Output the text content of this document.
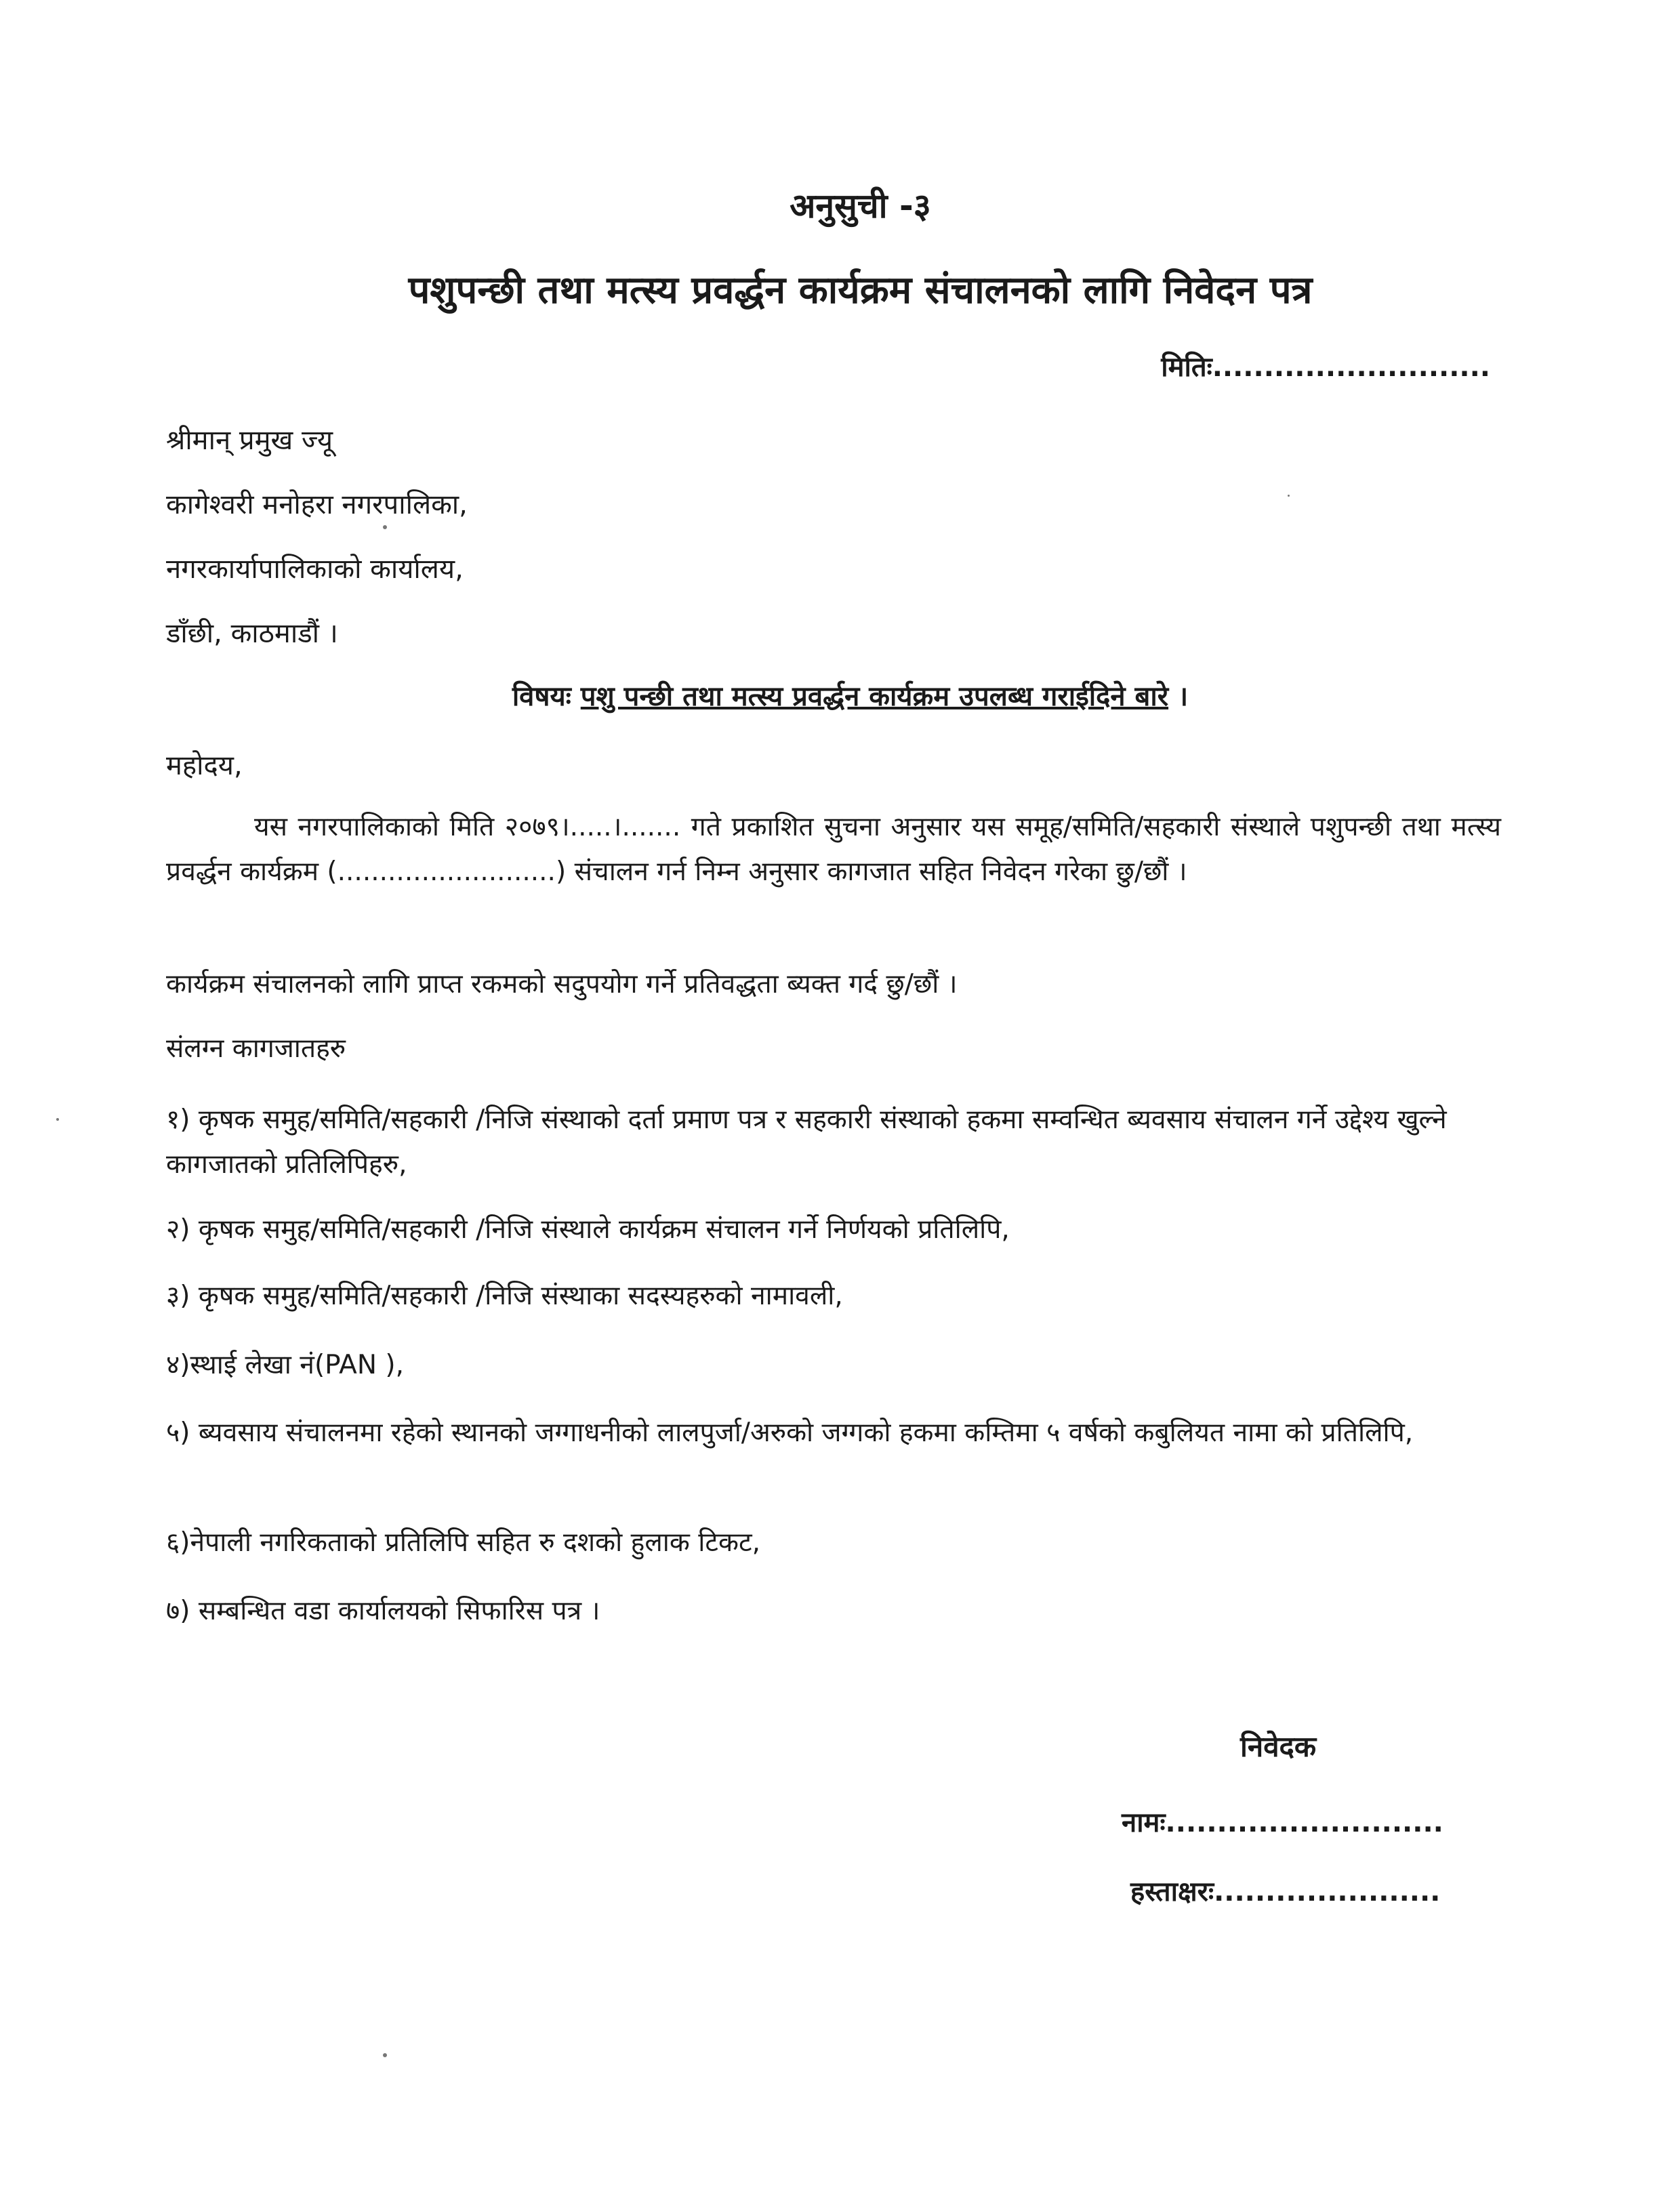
अनुसुची -३
पशुपन्छी तथा मत्स्य प्रवर्द्धन कार्यक्रम संचालनको लागि निवेदन पत्र
मितिः...........................
श्रीमान् प्रमुख ज्यू
कागेश्वरी मनोहरा नगरपालिका,
नगरकार्यापालिकाको कार्यालय,
डाँछी, काठमाडौं ।
विषयः पशु पन्छी तथा मत्स्य प्रवर्द्धन कार्यक्रम उपलब्ध गराईदिने बारे ।
महोदय,
यस नगरपालिकाको मिति २०७९।.....।....... गते प्रकाशित सुचना अनुसार यस समूह/समिति/सहकारी संस्थाले पशुपन्छी तथा मत्स्य प्रवर्द्धन कार्यक्रम (..........................) संचालन गर्न निम्न अनुसार कागजात सहित निवेदन गरेका छु/छौं ।
कार्यक्रम संचालनको लागि प्राप्त रकमको सदुपयोग गर्ने प्रतिवद्धता ब्यक्त गर्द छु/छौं ।
संलग्न कागजातहरु
१) कृषक समुह/समिति/सहकारी /निजि संस्थाको दर्ता प्रमाण पत्र र सहकारी संस्थाको हकमा सम्वन्धित ब्यवसाय संचालन गर्ने उद्देश्य खुल्ने कागजातको प्रतिलिपिहरु,
२) कृषक समुह/समिति/सहकारी /निजि संस्थाले कार्यक्रम संचालन गर्ने निर्णयको प्रतिलिपि,
३) कृषक समुह/समिति/सहकारी /निजि संस्थाका सदस्यहरुको नामावली,
४)स्थाई लेखा नं(PAN ),
५) ब्यवसाय संचालनमा रहेको स्थानको जग्गाधनीको लालपुर्जा/अरुको जग्गको हकमा कम्तिमा ५ वर्षको कबुलियत नामा को प्रतिलिपि,
६)नेपाली नगरिकताको प्रतिलिपि सहित रु दशको हुलाक टिकट,
७) सम्बन्धित वडा कार्यालयको सिफारिस पत्र ।
निवेदक
नामः...........................
हस्ताक्षरः......................
